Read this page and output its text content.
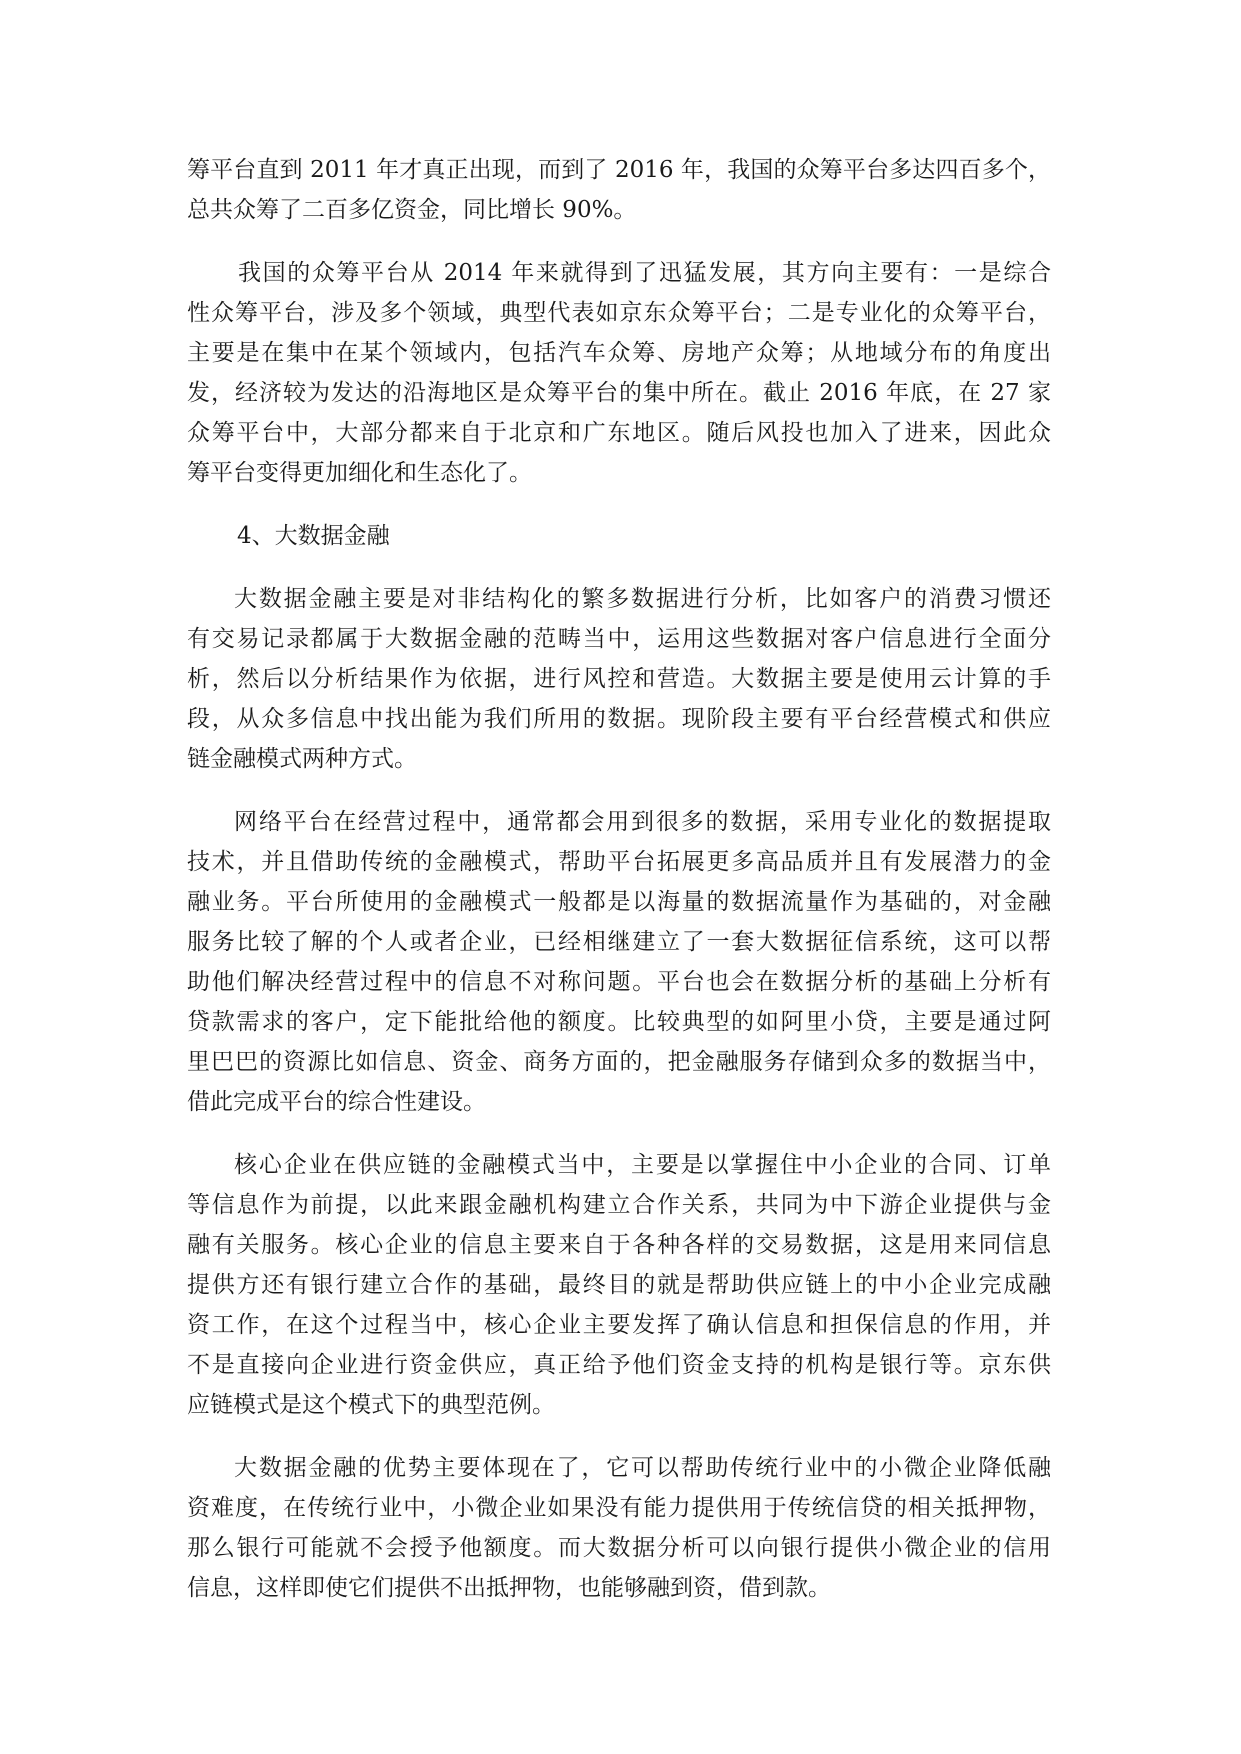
筹平台直到 2011 年才真正出现，而到了 2016 年，我国的众筹平台多达四百多个，
总共众筹了二百多亿资金，同比增长 90%。
我国的众筹平台从 2014 年来就得到了迅猛发展，其方向主要有：一是综合
性众筹平台，涉及多个领域，典型代表如京东众筹平台；二是专业化的众筹平台，
主要是在集中在某个领域内，包括汽车众筹、房地产众筹；从地域分布的角度出
发，经济较为发达的沿海地区是众筹平台的集中所在。截止 2016 年底，在 27 家
众筹平台中，大部分都来自于北京和广东地区。随后风投也加入了进来，因此众
筹平台变得更加细化和生态化了。
4、大数据金融
大数据金融主要是对非结构化的繁多数据进行分析，比如客户的消费习惯还
有交易记录都属于大数据金融的范畴当中，运用这些数据对客户信息进行全面分
析，然后以分析结果作为依据，进行风控和营造。大数据主要是使用云计算的手
段，从众多信息中找出能为我们所用的数据。现阶段主要有平台经营模式和供应
链金融模式两种方式。
网络平台在经营过程中，通常都会用到很多的数据，采用专业化的数据提取
技术，并且借助传统的金融模式，帮助平台拓展更多高品质并且有发展潜力的金
融业务。平台所使用的金融模式一般都是以海量的数据流量作为基础的，对金融
服务比较了解的个人或者企业，已经相继建立了一套大数据征信系统，这可以帮
助他们解决经营过程中的信息不对称问题。平台也会在数据分析的基础上分析有
贷款需求的客户，定下能批给他的额度。比较典型的如阿里小贷，主要是通过阿
里巴巴的资源比如信息、资金、商务方面的，把金融服务存储到众多的数据当中，
借此完成平台的综合性建设。
核心企业在供应链的金融模式当中，主要是以掌握住中小企业的合同、订单
等信息作为前提，以此来跟金融机构建立合作关系，共同为中下游企业提供与金
融有关服务。核心企业的信息主要来自于各种各样的交易数据，这是用来同信息
提供方还有银行建立合作的基础，最终目的就是帮助供应链上的中小企业完成融
资工作，在这个过程当中，核心企业主要发挥了确认信息和担保信息的作用，并
不是直接向企业进行资金供应，真正给予他们资金支持的机构是银行等。京东供
应链模式是这个模式下的典型范例。
大数据金融的优势主要体现在了，它可以帮助传统行业中的小微企业降低融
资难度，在传统行业中，小微企业如果没有能力提供用于传统信贷的相关抵押物，
那么银行可能就不会授予他额度。而大数据分析可以向银行提供小微企业的信用
信息，这样即使它们提供不出抵押物，也能够融到资，借到款。
